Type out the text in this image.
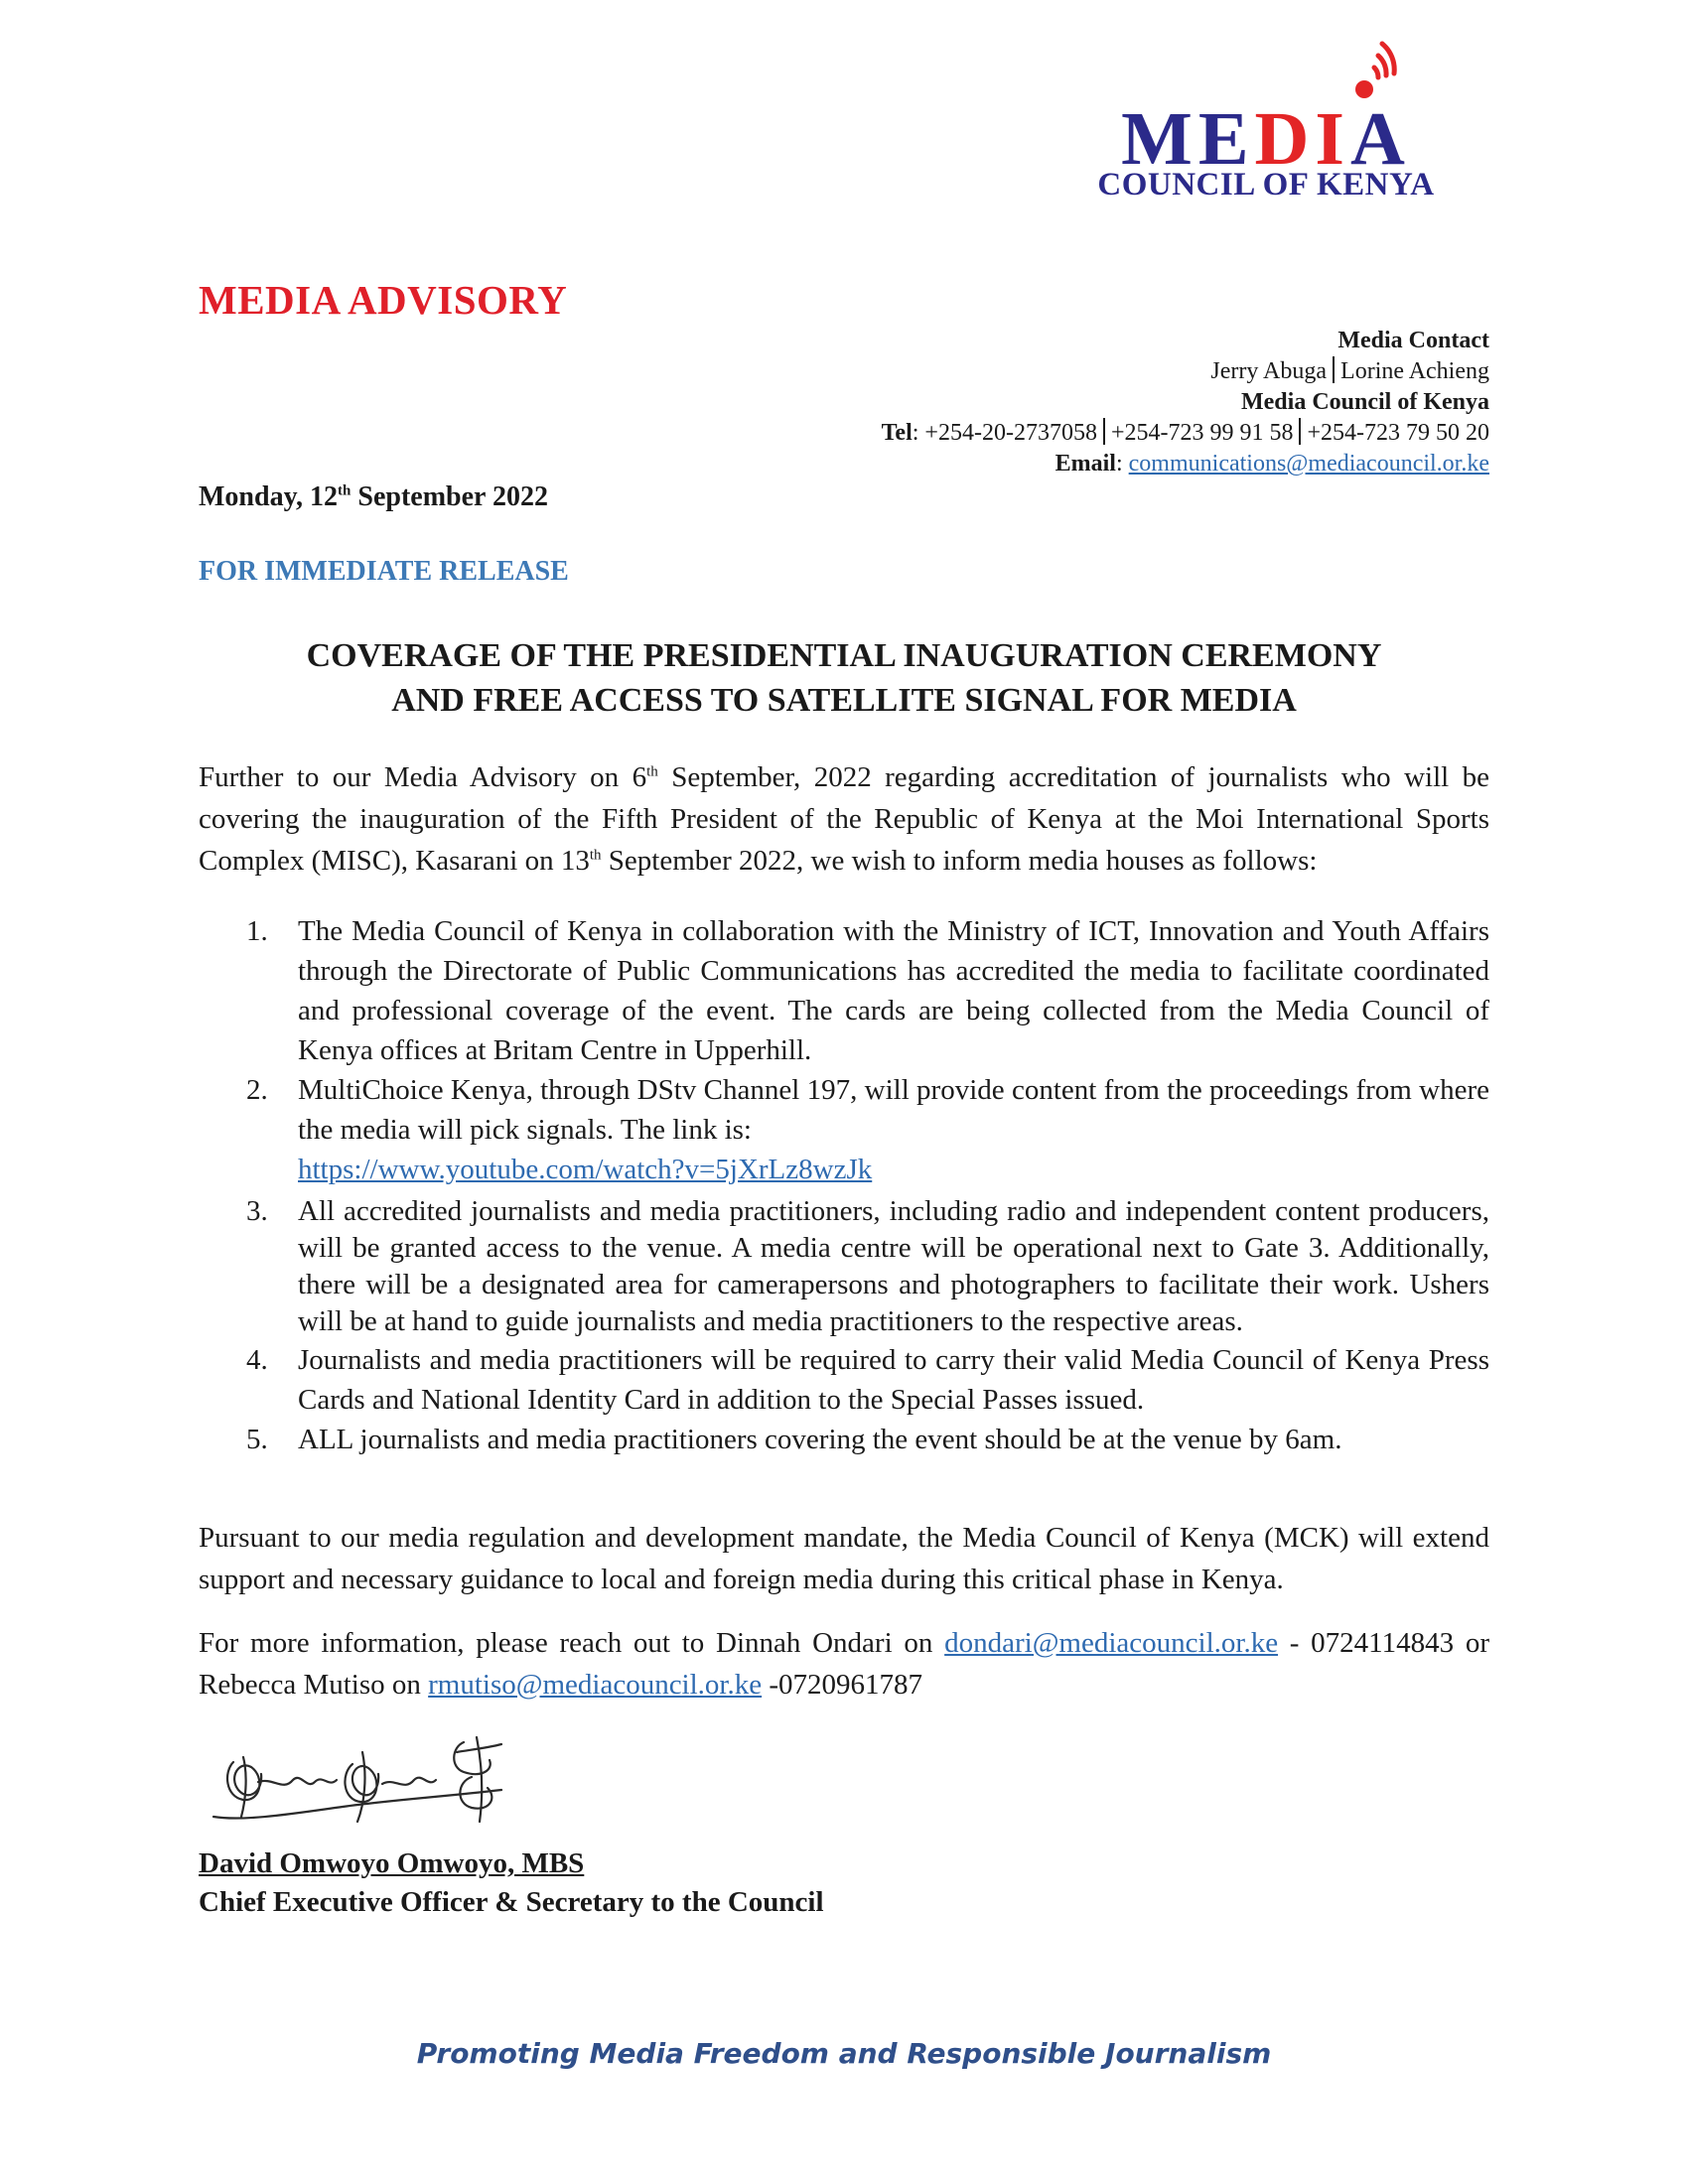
MEDIA
COUNCIL OF KENYA
MEDIA ADVISORY
Media Contact
Jerry Abuga Lorine Achieng
Media Council of Kenya
Tel: +254-20-2737058 +254-723 99 91 58 +254-723 79 50 20
Email: communications@mediacouncil.or.ke
Monday, 12th September 2022
FOR IMMEDIATE RELEASE
COVERAGE OF THE PRESIDENTIAL INAUGURATION CEREMONY
AND FREE ACCESS TO SATELLITE SIGNAL FOR MEDIA
Further to our Media Advisory on 6th September, 2022 regarding accreditation of journalists who will be covering the inauguration of the Fifth President of the Republic of Kenya at the Moi International Sports Complex (MISC), Kasarani on 13th September 2022, we wish to inform media houses as follows:
1. The Media Council of Kenya in collaboration with the Ministry of ICT, Innovation and Youth Affairs through the Directorate of Public Communications has accredited the media to facilitate coordinated and professional coverage of the event. The cards are being collected from the Media Council of Kenya offices at Britam Centre in Upperhill.
2. MultiChoice Kenya, through DStv Channel 197, will provide content from the proceedings from where the media will pick signals. The link is:
https://www.youtube.com/watch?v=5jXrLz8wzJk
3. All accredited journalists and media practitioners, including radio and independent content producers, will be granted access to the venue. A media centre will be operational next to Gate 3. Additionally, there will be a designated area for camerapersons and photographers to facilitate their work. Ushers will be at hand to guide journalists and media practitioners to the respective areas.
4. Journalists and media practitioners will be required to carry their valid Media Council of Kenya Press Cards and National Identity Card in addition to the Special Passes issued.
5. ALL journalists and media practitioners covering the event should be at the venue by 6am.
Pursuant to our media regulation and development mandate, the Media Council of Kenya (MCK) will extend support and necessary guidance to local and foreign media during this critical phase in Kenya.
For more information, please reach out to Dinnah Ondari on dondari@mediacouncil.or.ke - 0724114843 or Rebecca Mutiso on rmutiso@mediacouncil.or.ke -0720961787
David Omwoyo Omwoyo, MBS
Chief Executive Officer & Secretary to the Council
Promoting Media Freedom and Responsible Journalism
